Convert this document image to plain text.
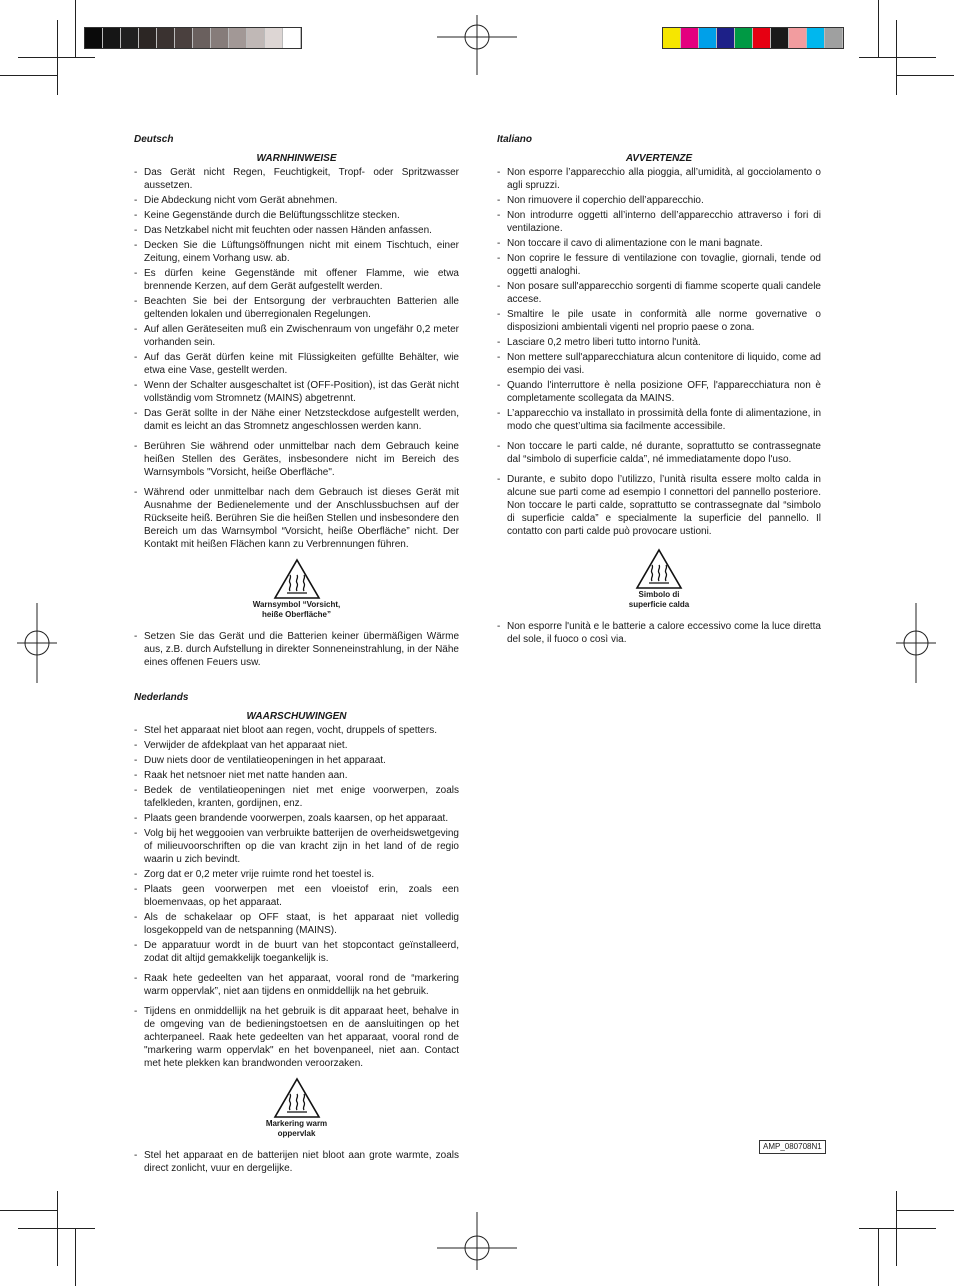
Deutsch
WARNHINWEISE
- Das Gerät nicht Regen, Feuchtigkeit, Tropf- oder Spritzwasser aussetzen.
- Die Abdeckung nicht vom Gerät abnehmen.
- Keine Gegenstände durch die Belüftungsschlitze stecken.
- Das Netzkabel nicht mit feuchten oder nassen Händen anfassen.
- Decken Sie die Lüftungsöffnungen nicht mit einem Tischtuch, einer Zeitung, einem Vorhang usw. ab.
- Es dürfen keine Gegenstände mit offener Flamme, wie etwa brennende Kerzen, auf dem Gerät aufgestellt werden.
- Beachten Sie bei der Entsorgung der verbrauchten Batterien alle geltenden lokalen und überregionalen Regelungen.
- Auf allen Geräteseiten muß ein Zwischenraum von ungefähr 0,2 meter vorhanden sein.
- Auf das Gerät dürfen keine mit Flüssigkeiten gefüllte Behälter, wie etwa eine Vase, gestellt werden.
- Wenn der Schalter ausgeschaltet ist (OFF-Position), ist das Gerät nicht vollständig vom Stromnetz (MAINS) abgetrennt.
- Das Gerät sollte in der Nähe einer Netzsteckdose aufgestellt werden, damit es leicht an das Stromnetz angeschlossen werden kann.
- Berühren Sie während oder unmittelbar nach dem Gebrauch keine heißen Stellen des Gerätes, insbesondere nicht im Bereich des Warnsymbols "Vorsicht, heiße Oberfläche".
- Während oder unmittelbar nach dem Gebrauch ist dieses Gerät mit Ausnahme der Bedienelemente und der Anschlussbuchsen auf der Rückseite heiß. Berühren Sie die heißen Stellen und insbesondere den Bereich um das Warnsymbol “Vorsicht, heiße Oberfläche” nicht. Der Kontakt mit heißen Flächen kann zu Verbrennungen führen.
Warnsymbol “Vorsicht,
heiße Oberfläche”
- Setzen Sie das Gerät und die Batterien keiner übermäßigen Wärme aus, z.B. durch Aufstellung in direkter Sonneneinstrahlung, in der Nähe eines offenen Feuers usw.
Nederlands
WAARSCHUWINGEN
- Stel het apparaat niet bloot aan regen, vocht, druppels of spetters.
- Verwijder de afdekplaat van het apparaat niet.
- Duw niets door de ventilatieopeningen in het apparaat.
- Raak het netsnoer niet met natte handen aan.
- Bedek de ventilatieopeningen niet met enige voorwerpen, zoals tafelkleden, kranten, gordijnen, enz.
- Plaats geen brandende voorwerpen, zoals kaarsen, op het apparaat.
- Volg bij het weggooien van verbruikte batterijen de overheidswetgeving of milieuvoorschriften op die van kracht zijn in het land of de regio waarin u zich bevindt.
- Zorg dat er 0,2 meter vrije ruimte rond het toestel is.
- Plaats geen voorwerpen met een vloeistof erin, zoals een bloemenvaas, op het apparaat.
- Als de schakelaar op OFF staat, is het apparaat niet volledig losgekoppeld van de netspanning (MAINS).
- De apparatuur wordt in de buurt van het stopcontact geïnstalleerd, zodat dit altijd gemakkelijk toegankelijk is.
- Raak hete gedeelten van het apparaat, vooral rond de “markering warm oppervlak”, niet aan tijdens en onmiddellijk na het gebruik.
- Tijdens en onmiddellijk na het gebruik is dit apparaat heet, behalve in de omgeving van de bedieningstoetsen en de aansluitingen op het achterpaneel. Raak hete gedeelten van het apparaat, vooral rond de "markering warm oppervlak" en het bovenpaneel, niet aan. Contact met hete plekken kan brandwonden veroorzaken.
Markering warm
oppervlak
- Stel het apparaat en de batterijen niet bloot aan grote warmte, zoals direct zonlicht, vuur en dergelijke.
Italiano
AVVERTENZE
- Non esporre l’apparecchio alla pioggia, all’umidità, al gocciolamento o agli spruzzi.
- Non rimuovere il coperchio dell’apparecchio.
- Non introdurre oggetti all’interno dell’apparecchio attraverso i fori di ventilazione.
- Non toccare il cavo di alimentazione con le mani bagnate.
- Non coprire le fessure di ventilazione con tovaglie, giornali, tende od oggetti analoghi.
- Non posare sull'apparecchio sorgenti di fiamme scoperte quali candele accese.
- Smaltire le pile usate in conformità alle norme governative o disposizioni ambientali vigenti nel proprio paese o zona.
- Lasciare 0,2 metro liberi tutto intorno l'unità.
- Non mettere sull'apparecchiatura alcun contenitore di liquido, come ad esempio dei vasi.
- Quando l'interruttore è nella posizione OFF, l'apparecchiatura non è completamente scollegata da MAINS.
- L’apparecchio va installato in prossimità della fonte di alimentazione, in modo che quest’ultima sia facilmente accessibile.
- Non toccare le parti calde, né durante, soprattutto se contrassegnate dal “simbolo di superficie calda”, né immediatamente dopo l'uso.
- Durante, e subito dopo l’utilizzo, l’unità risulta essere molto calda in alcune sue parti come ad esempio I connettori del pannello posteriore. Non toccare le parti calde, soprattutto se contrassegnate dal “simbolo di superficie calda” e specialmente la superficie del pannello. Il contatto con parti calde può provocare ustioni.
Simbolo di
superficie calda
- Non esporre l'unità e le batterie a calore eccessivo come la luce diretta del sole, il fuoco o così via.
AMP_080708N1
